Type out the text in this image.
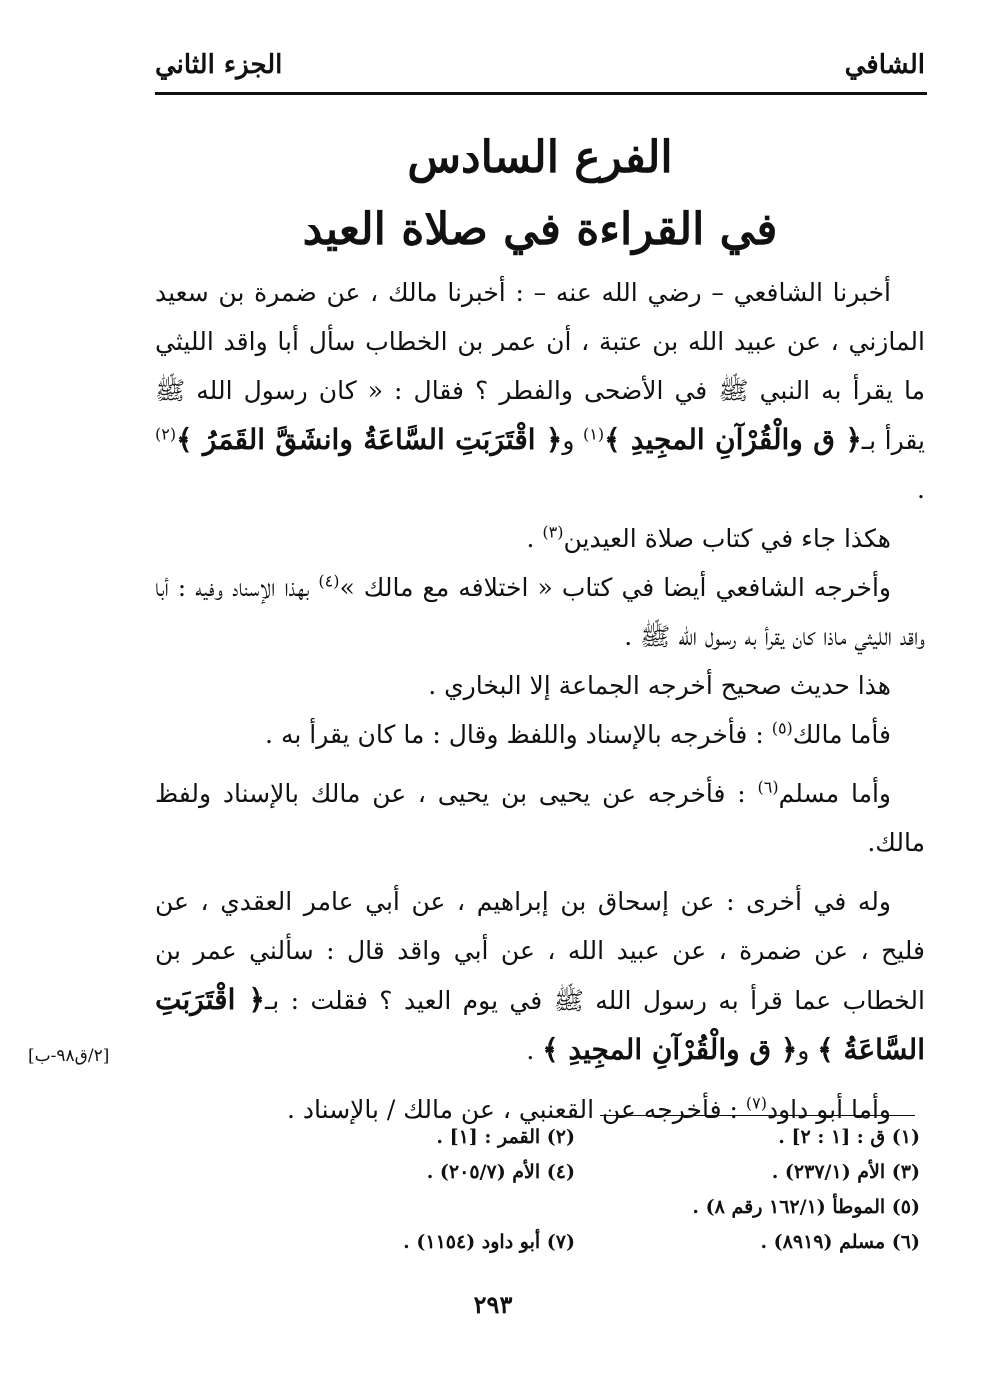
الشافي
الجزء الثاني
الفرع السادس
في القراءة في صلاة العيد

أخبرنا الشافعي – رضي الله عنه – : أخبرنا مالك ، عن ضمرة بن سعيد المازني ، عن عبيد الله بن عتبة ، أن عمر بن الخطاب سأل أبا واقد الليثي ما يقرأ به النبي ﷺ في الأضحى والفطر ؟ فقال : « كان رسول الله ﷺ يقرأ بـ﴿ ق والْقُرْآنِ المجِيدِ ﴾$^{(١)}$ و﴿ اقْتَرَبَتِ السَّاعَةُ وانشَقَّ القَمَرُ ﴾$^{(٢)}$ .

هكذا جاء في كتاب صلاة العيدين$^{(٣)}$ .

وأخرجه الشافعي أيضا في كتاب « اختلافه مع مالك »$^{(٤)}$ بهذا الإسناد وفيه : أبا واقد الليثي ماذا كان يقرأ به رسول الله ﷺ .

هذا حديث صحيح أخرجه الجماعة إلا البخاري .

فأما مالك$^{(٥)}$ : فأخرجه بالإسناد واللفظ وقال : ما كان يقرأ به .

وأما مسلم$^{(٦)}$ : فأخرجه عن يحيى بن يحيى ، عن مالك بالإسناد ولفظ مالك.

وله في أخرى : عن إسحاق بن إبراهيم ، عن أبي عامر العقدي ، عن فليح ، عن ضمرة ، عن عبيد الله ، عن أبي واقد قال : سألني عمر بن الخطاب عما قرأ به رسول الله ﷺ في يوم العيد ؟ فقلت : بـ﴿ اقْتَرَبَتِ السَّاعَةُ ﴾ و﴿ ق والْقُرْآنِ المجِيدِ ﴾ .

وأما أبو داود$^{(٧)}$ : فأخرجه عن القعنبي ، عن مالك / بالإسناد .

[٢/ق٩٨-ب]
(١) ق : [١ : ٢] .
(٢) القمر : [١] .
(٣) الأم (٢٣٧/١) .
(٤) الأم (٢٠٥/٧) .
(٥) الموطأ (١٦٢/١ رقم ٨) .
(٦) مسلم (٨٩١٩) .
(٧) أبو داود (١١٥٤) .
٢٩٣
